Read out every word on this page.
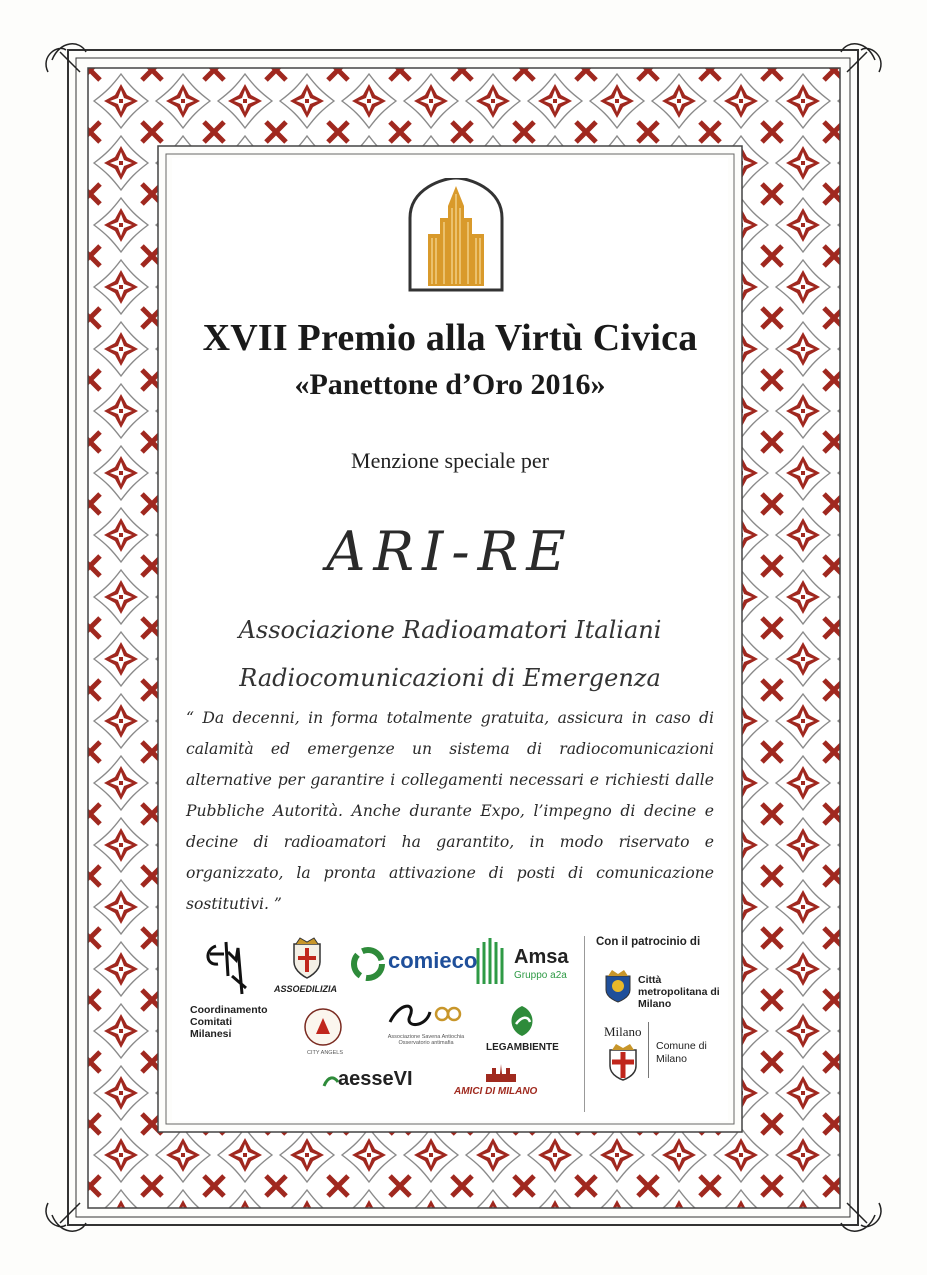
XVII Premio alla Virtù Civica
«Panettone d’Oro 2016»
Menzione speciale per
ARI-RE
Associazione Radioamatori Italiani
Radiocomunicazioni di Emergenza
“ Da decenni, in forma totalmente gratuita, assicura in caso di calamità ed emergenze un sistema di radiocomunicazioni alternative per garantire i collegamenti necessari e richiesti dalle Pubbliche Autorità. Anche durante Expo, l’impegno di decine e decine di radioamatori ha garantito, in modo riservato e organizzato, la pronta attivazione di posti di comunicazione sostitutivi. ”
Coordinamento Comitati Milanesi
ASSOEDILIZIA
comieco Amsa
Gruppo a2a
CITY ANGELS
Associazione Savena Antiochia Osservatorio antimafia	LEGAMBIENTE
aesseVI
AMICI DI MILANO
Con il patrocinio di
Città metropolitana di Milano
Milano
Comune di Milano
